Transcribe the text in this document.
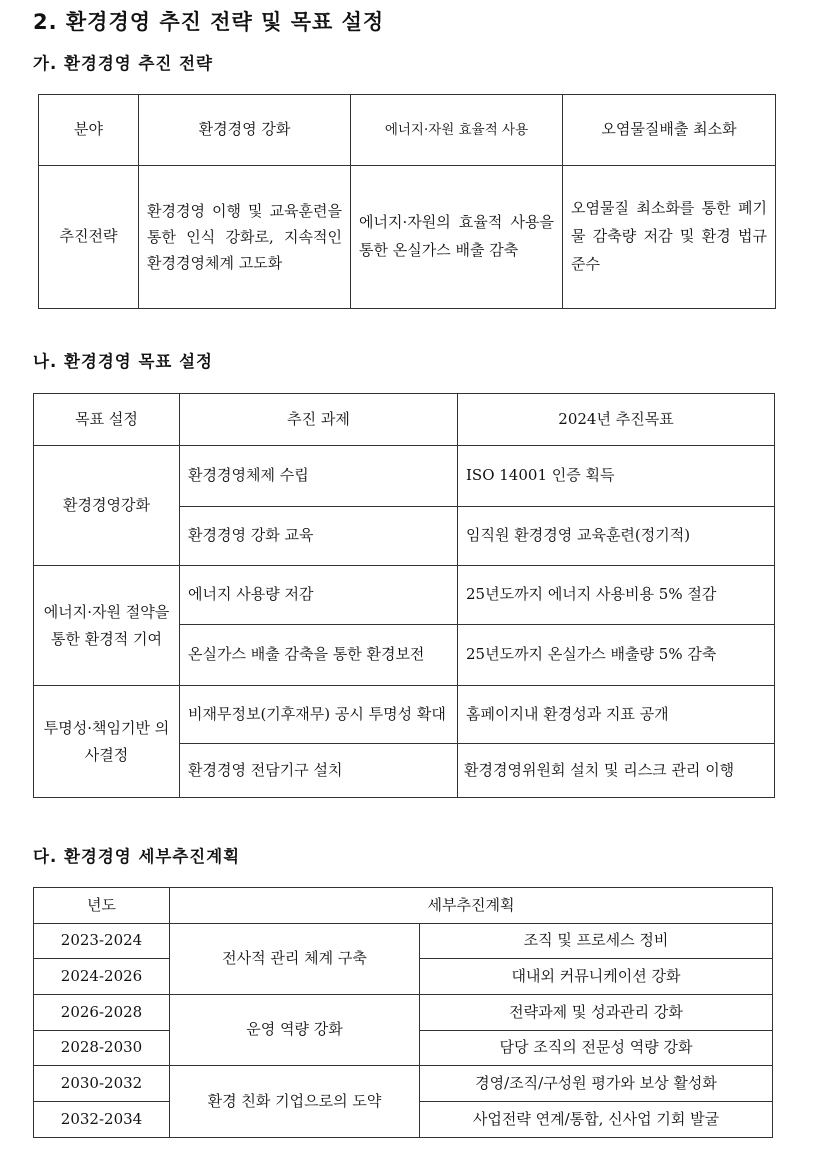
2. 환경경영 추진 전략 및 목표 설정
가. 환경경영 추진 전략
분야	환경경영 강화	에너지·자원 효율적 사용	오염물질배출 최소화
추진전략	환경경영 이행 및 교육훈련을 통한 인식 강화로, 지속적인 환경경영체계 고도화	에너지·자원의 효율적 사용을 통한 온실가스 배출 감축	오염물질 최소화를 통한 폐기물 감축량 저감 및 환경 법규 준수
나. 환경경영 목표 설정
목표 설정	추진 과제	2024년 추진목표
환경경영강화	환경경영체제 수립	ISO 14001 인증 획득
	환경경영 강화 교육	임직원 환경경영 교육훈련(정기적)
에너지·자원 절약을 통한 환경적 기여	에너지 사용량 저감	25년도까지 에너지 사용비용 5% 절감
	온실가스 배출 감축을 통한 환경보전	25년도까지 온실가스 배출량 5% 감축
투명성·책임기반 의사결정	비재무정보(기후재무) 공시 투명성 확대	홈페이지내 환경성과 지표 공개
	환경경영 전담기구 설치	환경경영위원회 설치 및 리스크 관리 이행
다. 환경경영 세부추진계획
년도	세부추진계획	
2023-2024	전사적 관리 체계 구축	조직 및 프로세스 정비
2024-2026		대내외 커뮤니케이션 강화
2026-2028	운영 역량 강화	전략과제 및 성과관리 강화
2028-2030		담당 조직의 전문성 역량 강화
2030-2032	환경 친화 기업으로의 도약	경영/조직/구성원 평가와 보상 활성화
2032-2034		사업전략 연계/통합, 신사업 기회 발굴
